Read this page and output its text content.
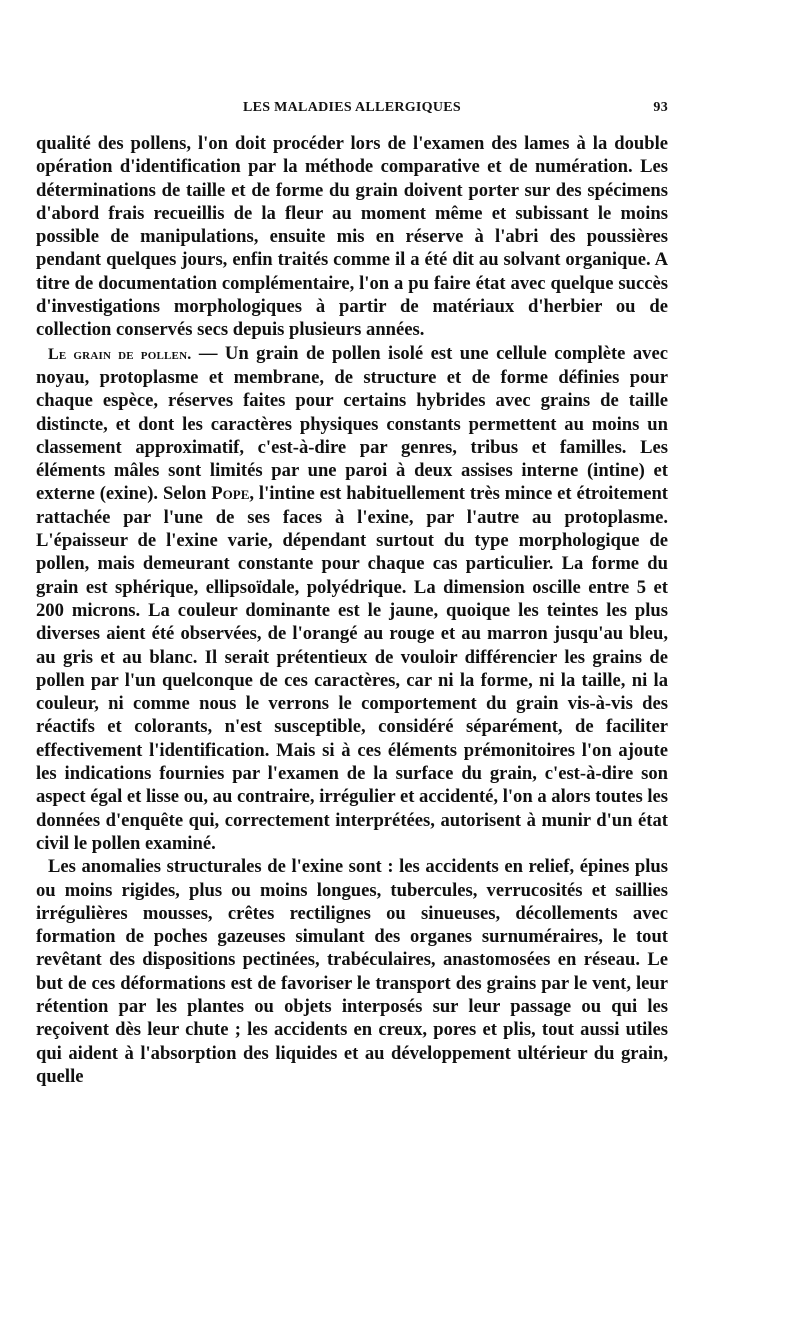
LES MALADIES ALLERGIQUES	93

qualité des pollens, l'on doit procéder lors de l'examen des lames à la double opération d'identification par la méthode comparative et de numération. Les déterminations de taille et de forme du grain doivent porter sur des spécimens d'abord frais recueillis de la fleur au moment même et subissant le moins possible de manipulations, ensuite mis en réserve à l'abri des poussières pendant quelques jours, enfin traités comme il a été dit au solvant organique. A titre de documentation complémentaire, l'on a pu faire état avec quelque succès d'investigations morphologiques à partir de matériaux d'herbier ou de collection conservés secs depuis plusieurs années.

Le grain de pollen. — Un grain de pollen isolé est une cellule complète avec noyau, protoplasme et membrane, de structure et de forme définies pour chaque espèce, réserves faites pour certains hybrides avec grains de taille distincte, et dont les caractères physiques constants permettent au moins un classement approximatif, c'est-à-dire par genres, tribus et familles. Les éléments mâles sont limités par une paroi à deux assises interne (intine) et externe (exine). Selon Pope, l'intine est habituellement très mince et étroitement rattachée par l'une de ses faces à l'exine, par l'autre au protoplasme. L'épaisseur de l'exine varie, dépendant surtout du type morphologique de pollen, mais demeurant constante pour chaque cas particulier. La forme du grain est sphérique, ellipsoïdale, polyédrique. La dimension oscille entre 5 et 200 microns. La couleur dominante est le jaune, quoique les teintes les plus diverses aient été observées, de l'orangé au rouge et au marron jusqu'au bleu, au gris et au blanc. Il serait prétentieux de vouloir différencier les grains de pollen par l'un quelconque de ces caractères, car ni la forme, ni la taille, ni la couleur, ni comme nous le verrons le comportement du grain vis-à-vis des réactifs et colorants, n'est susceptible, considéré séparément, de faciliter effectivement l'identification. Mais si à ces éléments prémonitoires l'on ajoute les indications fournies par l'examen de la surface du grain, c'est-à-dire son aspect égal et lisse ou, au contraire, irrégulier et accidenté, l'on a alors toutes les données d'enquête qui, correctement interprétées, autorisent à munir d'un état civil le pollen examiné.

Les anomalies structurales de l'exine sont : les accidents en relief, épines plus ou moins rigides, plus ou moins longues, tubercules, verrucosités et saillies irrégulières mousses, crêtes rectilignes ou sinueuses, décollements avec formation de poches gazeuses simulant des organes surnuméraires, le tout revêtant des dispositions pectinées, trabéculaires, anastomosées en réseau. Le but de ces déformations est de favoriser le transport des grains par le vent, leur rétention par les plantes ou objets interposés sur leur passage ou qui les reçoivent dès leur chute ; les accidents en creux, pores et plis, tout aussi utiles qui aident à l'absorption des liquides et au développement ultérieur du grain, quelle
